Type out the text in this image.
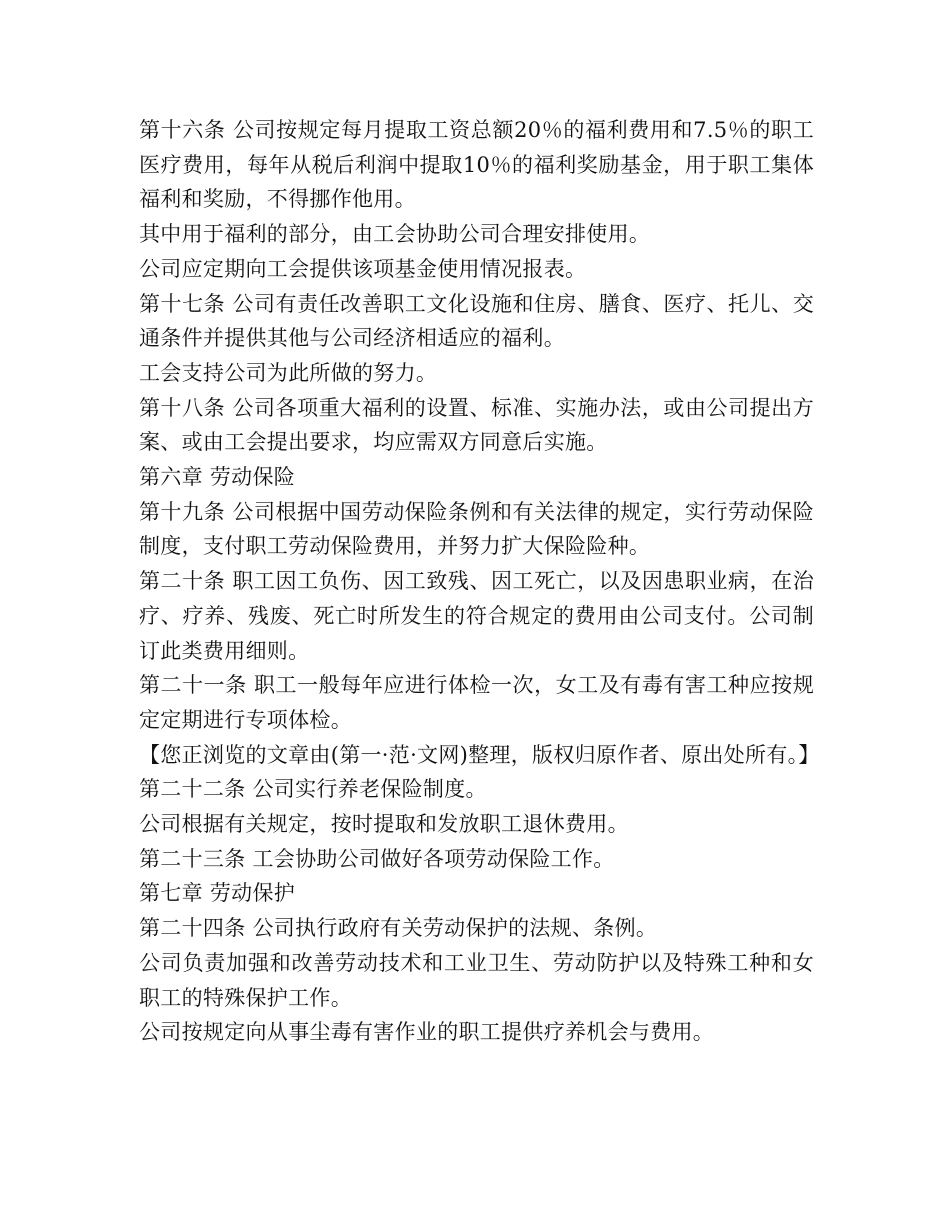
第十六条 公司按规定每月提取工资总额20％的福利费用和7.5％的职工医疗费用，每年从税后利润中提取10％的福利奖励基金，用于职工集体福利和奖励，不得挪作他用。

其中用于福利的部分，由工会协助公司合理安排使用。

公司应定期向工会提供该项基金使用情况报表。

第十七条 公司有责任改善职工文化设施和住房、膳食、医疗、托儿、交通条件并提供其他与公司经济相适应的福利。

工会支持公司为此所做的努力。

第十八条 公司各项重大福利的设置、标准、实施办法，或由公司提出方案、或由工会提出要求，均应需双方同意后实施。

第六章 劳动保险

第十九条 公司根据中国劳动保险条例和有关法律的规定，实行劳动保险制度，支付职工劳动保险费用，并努力扩大保险险种。

第二十条 职工因工负伤、因工致残、因工死亡，以及因患职业病，在治疗、疗养、残废、死亡时所发生的符合规定的费用由公司支付。公司制订此类费用细则。

第二十一条 职工一般每年应进行体检一次，女工及有毒有害工种应按规定定期进行专项体检。

【您正浏览的文章由(第一·范·文网)整理，版权归原作者、原出处所有。】

第二十二条 公司实行养老保险制度。

公司根据有关规定，按时提取和发放职工退休费用。

第二十三条 工会协助公司做好各项劳动保险工作。

第七章 劳动保护

第二十四条 公司执行政府有关劳动保护的法规、条例。

公司负责加强和改善劳动技术和工业卫生、劳动防护以及特殊工种和女职工的特殊保护工作。

公司按规定向从事尘毒有害作业的职工提供疗养机会与费用。
